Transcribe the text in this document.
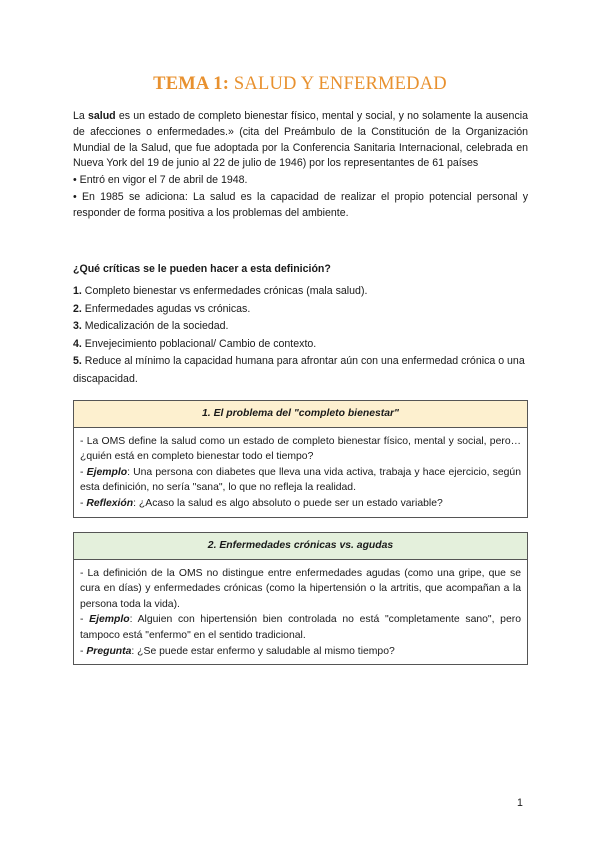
TEMA 1: SALUD Y ENFERMEDAD

La salud es un estado de completo bienestar físico, mental y social, y no solamente la ausencia de afecciones o enfermedades.» (cita del Preámbulo de la Constitución de la Organización Mundial de la Salud, que fue adoptada por la Conferencia Sanitaria Internacional, celebrada en Nueva York del 19 de junio al 22 de julio de 1946) por los representantes de 61 países

• Entró en vigor el 7 de abril de 1948.

• En 1985 se adiciona: La salud es la capacidad de realizar el propio potencial personal y responder de forma positiva a los problemas del ambiente.

¿Qué críticas se le pueden hacer a esta definición?
1. Completo bienestar vs enfermedades crónicas (mala salud).
2. Enfermedades agudas vs crónicas.
3. Medicalización de la sociedad.
4. Envejecimiento poblacional/ Cambio de contexto.
5. Reduce al mínimo la capacidad humana para afrontar aún con una enfermedad crónica o una discapacidad.
1. El problema del "completo bienestar"

- La OMS define la salud como un estado de completo bienestar físico, mental y social, pero… ¿quién está en completo bienestar todo el tiempo?

- Ejemplo: Una persona con diabetes que lleva una vida activa, trabaja y hace ejercicio, según esta definición, no sería "sana", lo que no refleja la realidad.

- Reflexión: ¿Acaso la salud es algo absoluto o puede ser un estado variable?

2. Enfermedades crónicas vs. agudas

- La definición de la OMS no distingue entre enfermedades agudas (como una gripe, que se cura en días) y enfermedades crónicas (como la hipertensión o la artritis, que acompañan a la persona toda la vida).

- Ejemplo: Alguien con hipertensión bien controlada no está "completamente sano", pero tampoco está "enfermo" en el sentido tradicional.

- Pregunta: ¿Se puede estar enfermo y saludable al mismo tiempo?

1
